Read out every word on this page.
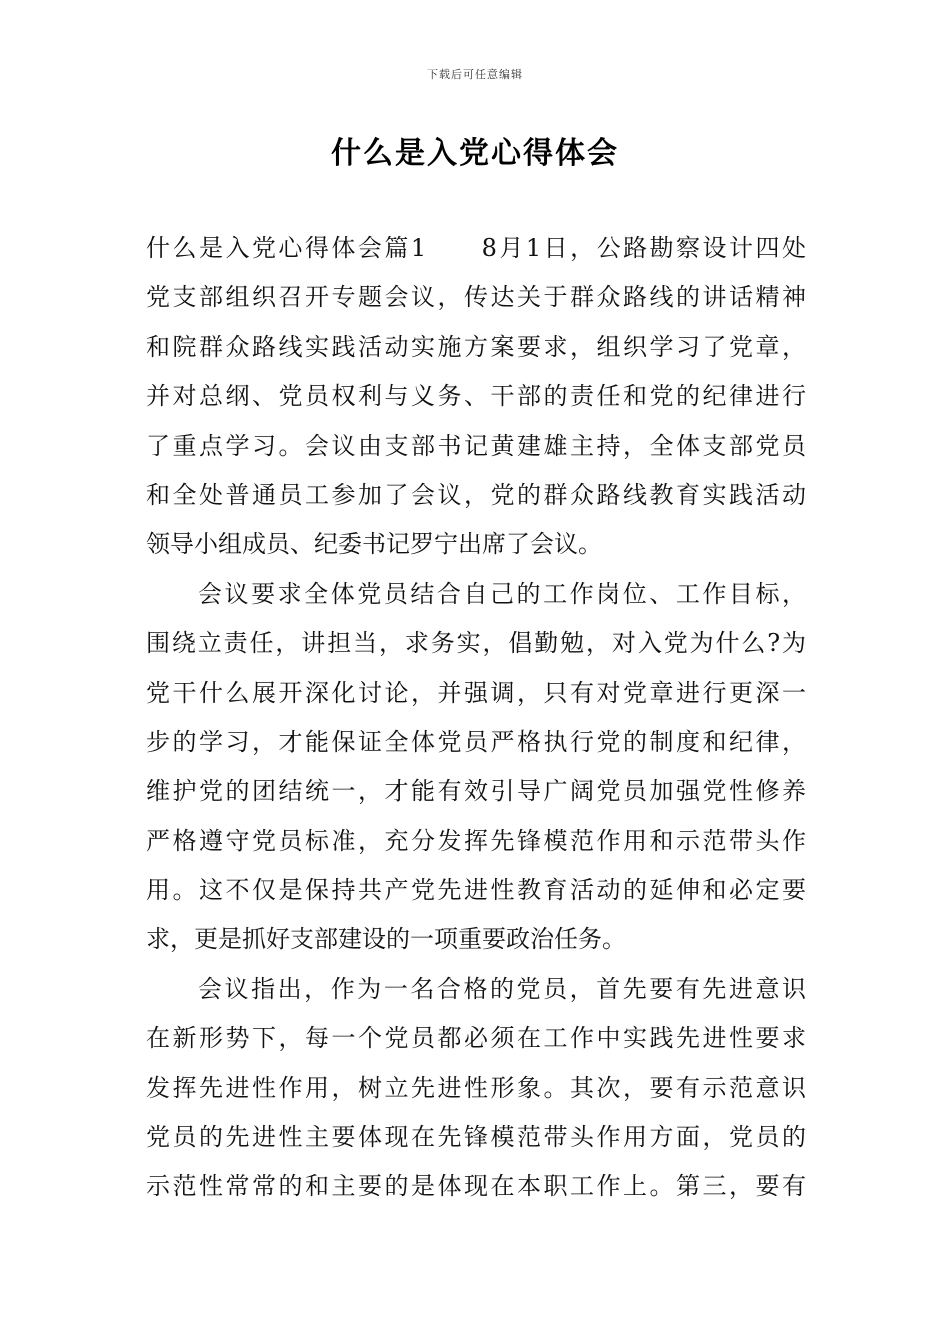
下载后可任意编辑
什么是入党心得体会
什么是入党心得体会篇1　　8月1日，公路勘察设计四处
党支部组织召开专题会议，传达关于群众路线的讲话精神
和院群众路线实践活动实施方案要求，组织学习了党章，
并对总纲、党员权利与义务、干部的责任和党的纪律进行
了重点学习。会议由支部书记黄建雄主持，全体支部党员
和全处普通员工参加了会议，党的群众路线教育实践活动
领导小组成员、纪委书记罗宁出席了会议。
会议要求全体党员结合自己的工作岗位、工作目标，
围绕立责任，讲担当，求务实，倡勤勉，对入党为什么?为
党干什么展开深化讨论，并强调，只有对党章进行更深一
步的学习，才能保证全体党员严格执行党的制度和纪律，
维护党的团结统一，才能有效引导广阔党员加强党性修养
严格遵守党员标准，充分发挥先锋模范作用和示范带头作
用。这不仅是保持共产党先进性教育活动的延伸和必定要
求，更是抓好支部建设的一项重要政治任务。
会议指出，作为一名合格的党员，首先要有先进意识
在新形势下，每一个党员都必须在工作中实践先进性要求
发挥先进性作用，树立先进性形象。其次，要有示范意识
党员的先进性主要体现在先锋模范带头作用方面，党员的
示范性常常的和主要的是体现在本职工作上。第三，要有
